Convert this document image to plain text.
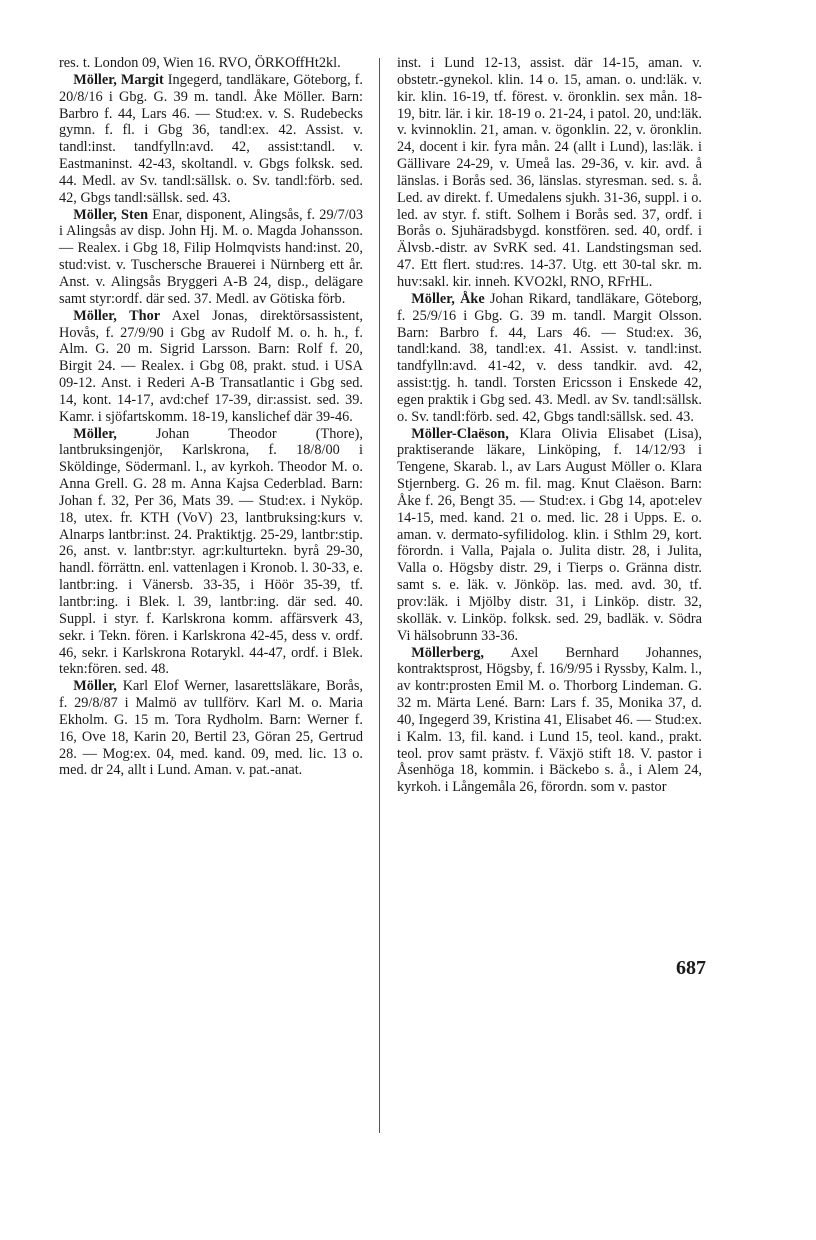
res. t. London 09, Wien 16. RVO, ÖRKOffHt2kl.

Möller, Margit Ingegerd, tandläkare, Göteborg, f. 20/8/16 i Gbg. G. 39 m. tandl. Åke Möller. Barn: Barbro f. 44, Lars 46. — Stud:ex. v. S. Rudebecks gymn. f. fl. i Gbg 36, tandl:ex. 42. Assist. v. tandl:inst. tandfylln:avd. 42, assist:tandl. v. Eastmaninst. 42-43, skoltandl. v. Gbgs folksk. sed. 44. Medl. av Sv. tandl:sällsk. o. Sv. tandl:förb. sed. 42, Gbgs tandl:sällsk. sed. 43.

Möller, Sten Enar, disponent, Alingsås, f. 29/7/03 i Alingsås av disp. John Hj. M. o. Magda Johansson. — Realex. i Gbg 18, Filip Holmqvists hand:inst. 20, stud:vist. v. Tuschersche Brauerei i Nürnberg ett år. Anst. v. Alingsås Bryggeri A-B 24, disp., delägare samt styr:ordf. där sed. 37. Medl. av Götiska förb.

Möller, Thor Axel Jonas, direktörsassistent, Hovås, f. 27/9/90 i Gbg av Rudolf M. o. h. h., f. Alm. G. 20 m. Sigrid Larsson. Barn: Rolf f. 20, Birgit 24. — Realex. i Gbg 08, prakt. stud. i USA 09-12. Anst. i Rederi A-B Transatlantic i Gbg sed. 14, kont. 14-17, avd:chef 17-39, dir:assist. sed. 39. Kamr. i sjöfartskomm. 18-19, kanslichef där 39-46.

Möller, Johan Theodor (Thore), lantbruksingenjör, Karlskrona, f. 18/8/00 i Sköldinge, Södermanl. l., av kyrkoh. Theodor M. o. Anna Grell. G. 28 m. Anna Kajsa Cederblad. Barn: Johan f. 32, Per 36, Mats 39. — Stud:ex. i Nyköp. 18, utex. fr. KTH (VoV) 23, lantbruksing:kurs v. Alnarps lantbr:inst. 24. Praktiktjg. 25-29, lantbr:stip. 26, anst. v. lantbr:styr. agr:kulturtekn. byrå 29-30, handl. förrättn. enl. vattenlagen i Kronob. l. 30-33, e. lantbr:ing. i Vänersb. 33-35, i Höör 35-39, tf. lantbr:ing. i Blek. l. 39, lantbr:ing. där sed. 40. Suppl. i styr. f. Karlskrona komm. affärsverk 43, sekr. i Tekn. fören. i Karlskrona 42-45, dess v. ordf. 46, sekr. i Karlskrona Rotarykl. 44-47, ordf. i Blek. tekn:fören. sed. 48.

Möller, Karl Elof Werner, lasarettsläkare, Borås, f. 29/8/87 i Malmö av tullförv. Karl M. o. Maria Ekholm. G. 15 m. Tora Rydholm. Barn: Werner f. 16, Ove 18, Karin 20, Bertil 23, Göran 25, Gertrud 28. — Mog:ex. 04, med. kand. 09, med. lic. 13 o. med. dr 24, allt i Lund. Aman. v. pat.-anat.

inst. i Lund 12-13, assist. där 14-15, aman. v. obstetr.-gynekol. klin. 14 o. 15, aman. o. und:läk. v. kir. klin. 16-19, tf. förest. v. öronklin. sex mån. 18-19, bitr. lär. i kir. 18-19 o. 21-24, i patol. 20, und:läk. v. kvinnoklin. 21, aman. v. ögonklin. 22, v. öronklin. 24, docent i kir. fyra mån. 24 (allt i Lund), las:läk. i Gällivare 24-29, v. Umeå las. 29-36, v. kir. avd. å länslas. i Borås sed. 36, länslas. styresman. sed. s. å. Led. av direkt. f. Umedalens sjukh. 31-36, suppl. i o. led. av styr. f. stift. Solhem i Borås sed. 37, ordf. i Borås o. Sjuhäradsbygd. konstfören. sed. 40, ordf. i Älvsb.-distr. av SvRK sed. 41. Landstingsman sed. 47. Ett flert. stud:res. 14-37. Utg. ett 30-tal skr. m. huv:sakl. kir. inneh. KVO2kl, RNO, RFrHL.

Möller, Åke Johan Rikard, tandläkare, Göteborg, f. 25/9/16 i Gbg. G. 39 m. tandl. Margit Olsson. Barn: Barbro f. 44, Lars 46. — Stud:ex. 36, tandl:kand. 38, tandl:ex. 41. Assist. v. tandl:inst. tandfylln:avd. 41-42, v. dess tandkir. avd. 42, assist:tjg. h. tandl. Torsten Ericsson i Enskede 42, egen praktik i Gbg sed. 43. Medl. av Sv. tandl:sällsk. o. Sv. tandl:förb. sed. 42, Gbgs tandl:sällsk. sed. 43.

Möller-Claëson, Klara Olivia Elisabet (Lisa), praktiserande läkare, Linköping, f. 14/12/93 i Tengene, Skarab. l., av Lars August Möller o. Klara Stjernberg. G. 26 m. fil. mag. Knut Claëson. Barn: Åke f. 26, Bengt 35. — Stud:ex. i Gbg 14, apot:elev 14-15, med. kand. 21 o. med. lic. 28 i Upps. E. o. aman. v. dermato-syfilidolog. klin. i Sthlm 29, kort. förordn. i Valla, Pajala o. Julita distr. 28, i Julita, Valla o. Högsby distr. 29, i Tierps o. Gränna distr. samt s. e. läk. v. Jönköp. las. med. avd. 30, tf. prov:läk. i Mjölby distr. 31, i Linköp. distr. 32, skolläk. v. Linköp. folksk. sed. 29, badläk. v. Södra Vi hälsobrunn 33-36.

Möllerberg, Axel Bernhard Johannes, kontraktsprost, Högsby, f. 16/9/95 i Ryssby, Kalm. l., av kontr:prosten Emil M. o. Thorborg Lindeman. G. 32 m. Märta Lené. Barn: Lars f. 35, Monika 37, d. 40, Ingegerd 39, Kristina 41, Elisabet 46. — Stud:ex. i Kalm. 13, fil. kand. i Lund 15, teol. kand., prakt. teol. prov samt prästv. f. Växjö stift 18. V. pastor i Åsenhöga 18, kommin. i Bäckebo s. å., i Alem 24, kyrkoh. i Långemåla 26, förordn. som v. pastor

687
